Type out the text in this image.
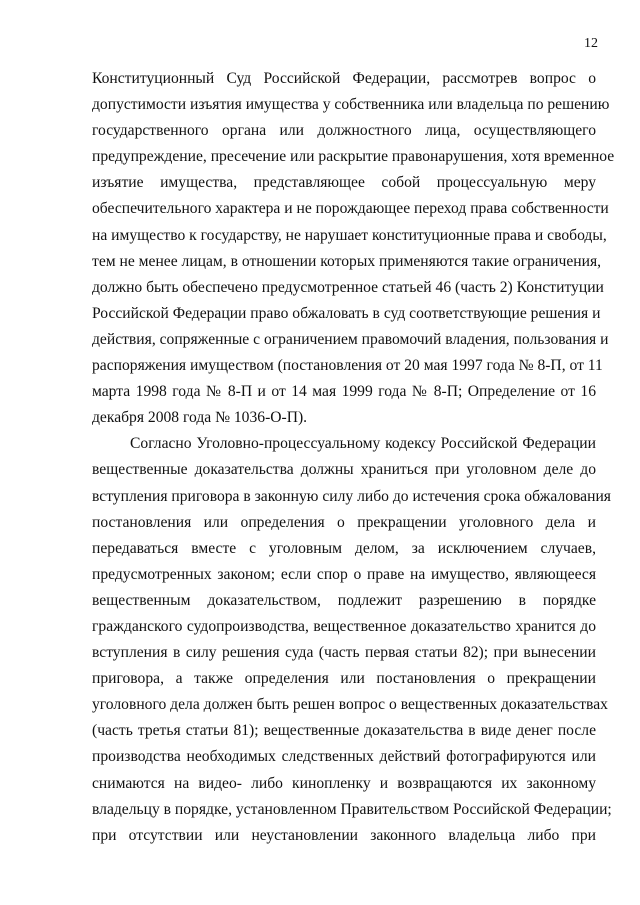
12
Конституционный Суд Российской Федерации, рассмотрев вопрос о
допустимости изъятия имущества у собственника или владельца по решению
государственного органа или должностного лица, осуществляющего
предупреждение, пресечение или раскрытие правонарушения, хотя временное
изъятие имущества, представляющее собой процессуальную меру
обеспечительного характера и не порождающее переход права собственности
на имущество к государству, не нарушает конституционные права и свободы,
тем не менее лицам, в отношении которых применяются такие ограничения,
должно быть обеспечено предусмотренное статьей 46 (часть 2) Конституции
Российской Федерации право обжаловать в суд соответствующие решения и
действия, сопряженные с ограничением правомочий владения, пользования и
распоряжения имуществом (постановления от 20 мая 1997 года № 8-П, от 11
марта 1998 года № 8-П и от 14 мая 1999 года № 8-П; Определение от 16
декабря 2008 года № 1036-О-П).
Согласно Уголовно-процессуальному кодексу Российской Федерации
вещественные доказательства должны храниться при уголовном деле до
вступления приговора в законную силу либо до истечения срока обжалования
постановления или определения о прекращении уголовного дела и
передаваться вместе с уголовным делом, за исключением случаев,
предусмотренных законом; если спор о праве на имущество, являющееся
вещественным доказательством, подлежит разрешению в порядке
гражданского судопроизводства, вещественное доказательство хранится до
вступления в силу решения суда (часть первая статьи 82); при вынесении
приговора, а также определения или постановления о прекращении
уголовного дела должен быть решен вопрос о вещественных доказательствах
(часть третья статьи 81); вещественные доказательства в виде денег после
производства необходимых следственных действий фотографируются или
снимаются на видео- либо кинопленку и возвращаются их законному
владельцу в порядке, установленном Правительством Российской Федерации;
при отсутствии или неустановлении законного владельца либо при
